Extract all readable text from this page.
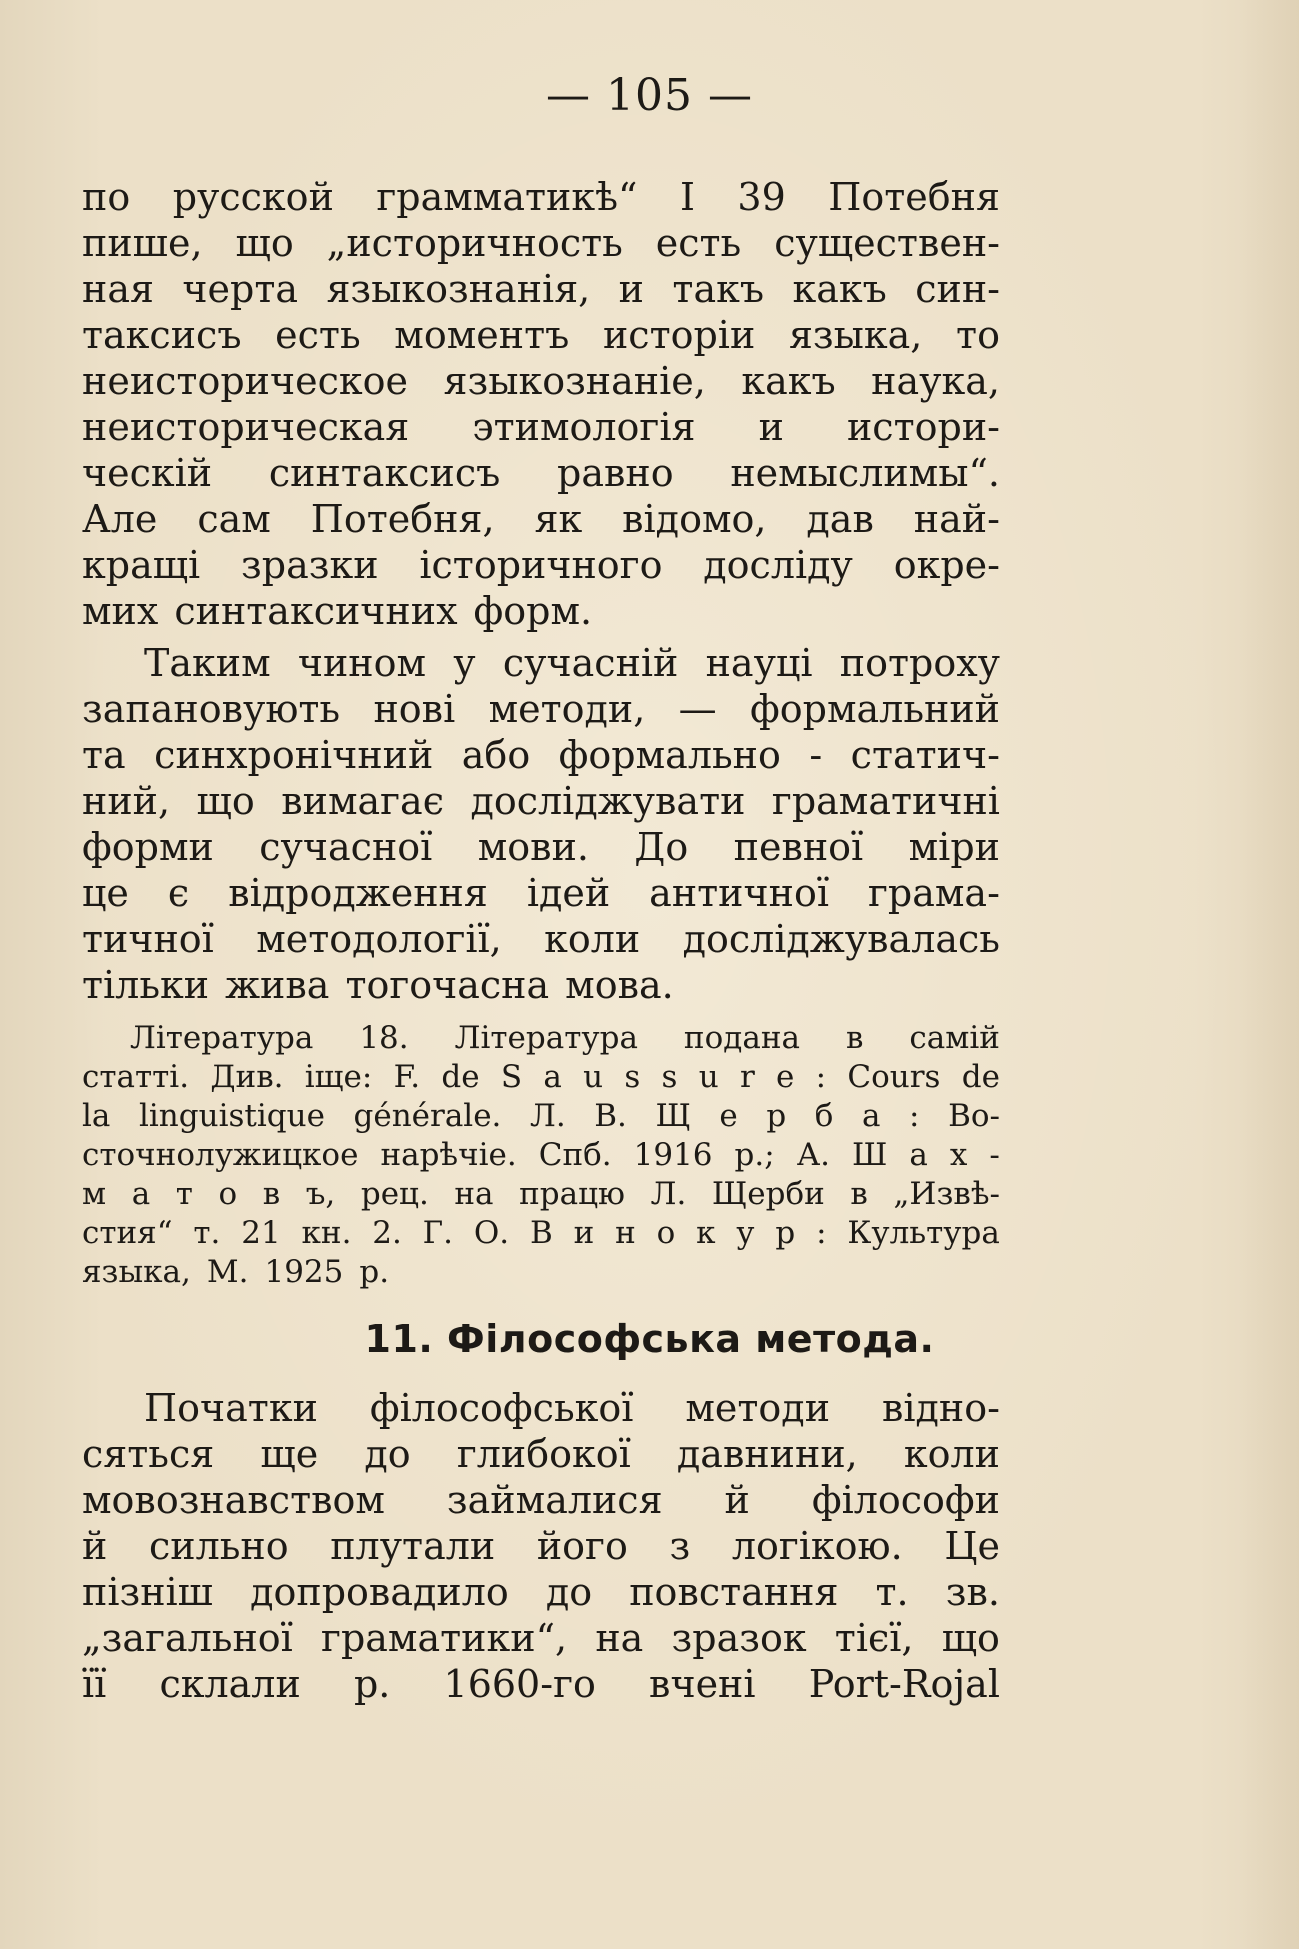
— 105 —
по русской грамматикѣ“ I 39 Потебня
пише, що „историчность есть существен-
ная черта языкознанія, и такъ какъ син-
таксисъ есть моментъ исторіи языка, то
неисторическое языкознаніе, какъ наука,
неисторическая этимологія и истори-
ческій синтаксисъ равно немыслимы“.
Але сам Потебня, як відомо, дав най-
кращі зразки історичного досліду окре-
мих синтаксичних форм.
Таким чином у сучасній науці потроху
запановують нові методи, — формальний
та синхронічний або формально - статич-
ний, що вимагає досліджувати граматичні
форми сучасної мови. До певної міри
це є відродження ідей античної грама-
тичної методології, коли досліджувалась
тільки жива тогочасна мова.
Література 18. Література подана в самій
статті. Див. іще: F. de S a u s s u r e : Cours de
la linguistique générale. Л. В. Щ е р б а : Во-
сточнолужицкое нарѣчіе. Спб. 1916 р.; А. Ш а х -
м а т о в ъ, рец. на працю Л. Щерби в „Извѣ-
стия“ т. 21 кн. 2. Г. О. В и н о к у р : Культура
языка, М. 1925 р.
11. Філософська метода.
Початки філософської методи відно-
сяться ще до глибокої давнини, коли
мовознавством займалися й філософи
й сильно плутали його з логікою. Це
пізніш допровадило до повстання т. зв.
„загальної граматики“, на зразок тієї, що
її склали р. 1660-го вчені Port-Rojal
